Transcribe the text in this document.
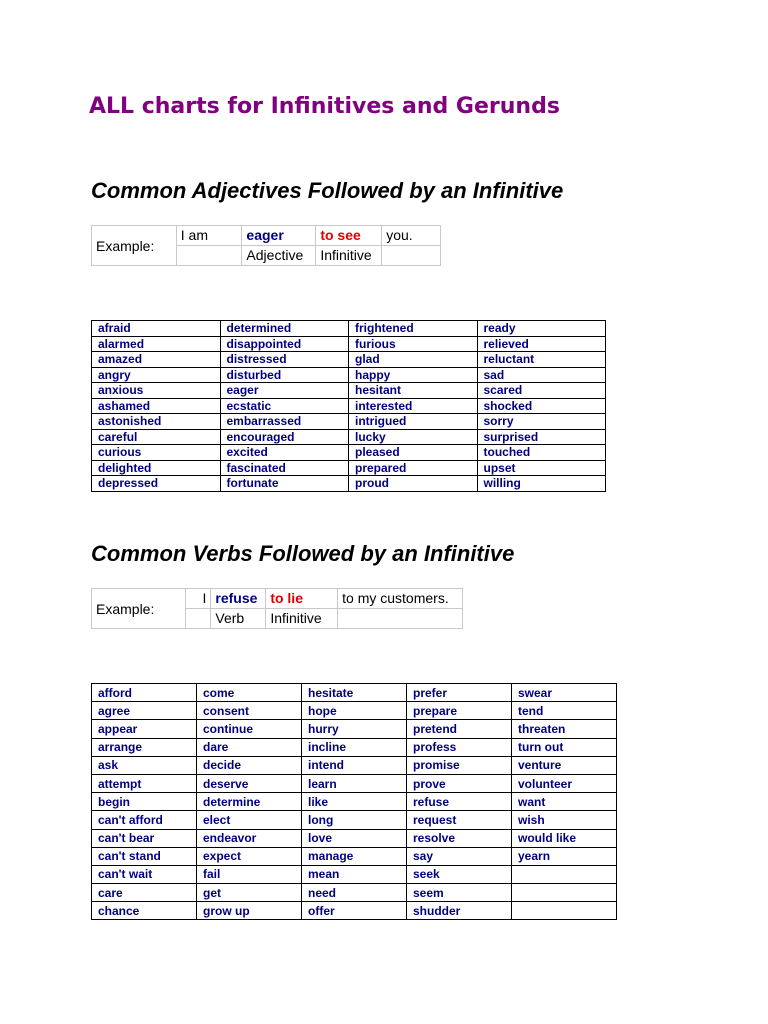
ALL charts for Infinitives and Gerunds
Common Adjectives Followed by an Infinitive
Example:	I am	eager	to see	you.
		Adjective	Infinitive	
afraid	determined	frightened	ready
alarmed	disappointed	furious	relieved
amazed	distressed	glad	reluctant
angry	disturbed	happy	sad
anxious	eager	hesitant	scared
ashamed	ecstatic	interested	shocked
astonished	embarrassed	intrigued	sorry
careful	encouraged	lucky	surprised
curious	excited	pleased	touched
delighted	fascinated	prepared	upset
depressed	fortunate	proud	willing
Common Verbs Followed by an Infinitive
Example:	I	refuse	to lie	to my customers.
		Verb	Infinitive	
afford	come	hesitate	prefer	swear
agree	consent	hope	prepare	tend
appear	continue	hurry	pretend	threaten
arrange	dare	incline	profess	turn out
ask	decide	intend	promise	venture
attempt	deserve	learn	prove	volunteer
begin	determine	like	refuse	want
can't afford	elect	long	request	wish
can't bear	endeavor	love	resolve	would like
can't stand	expect	manage	say	yearn
can't wait	fail	mean	seek	
care	get	need	seem	
chance	grow up	offer	shudder	
